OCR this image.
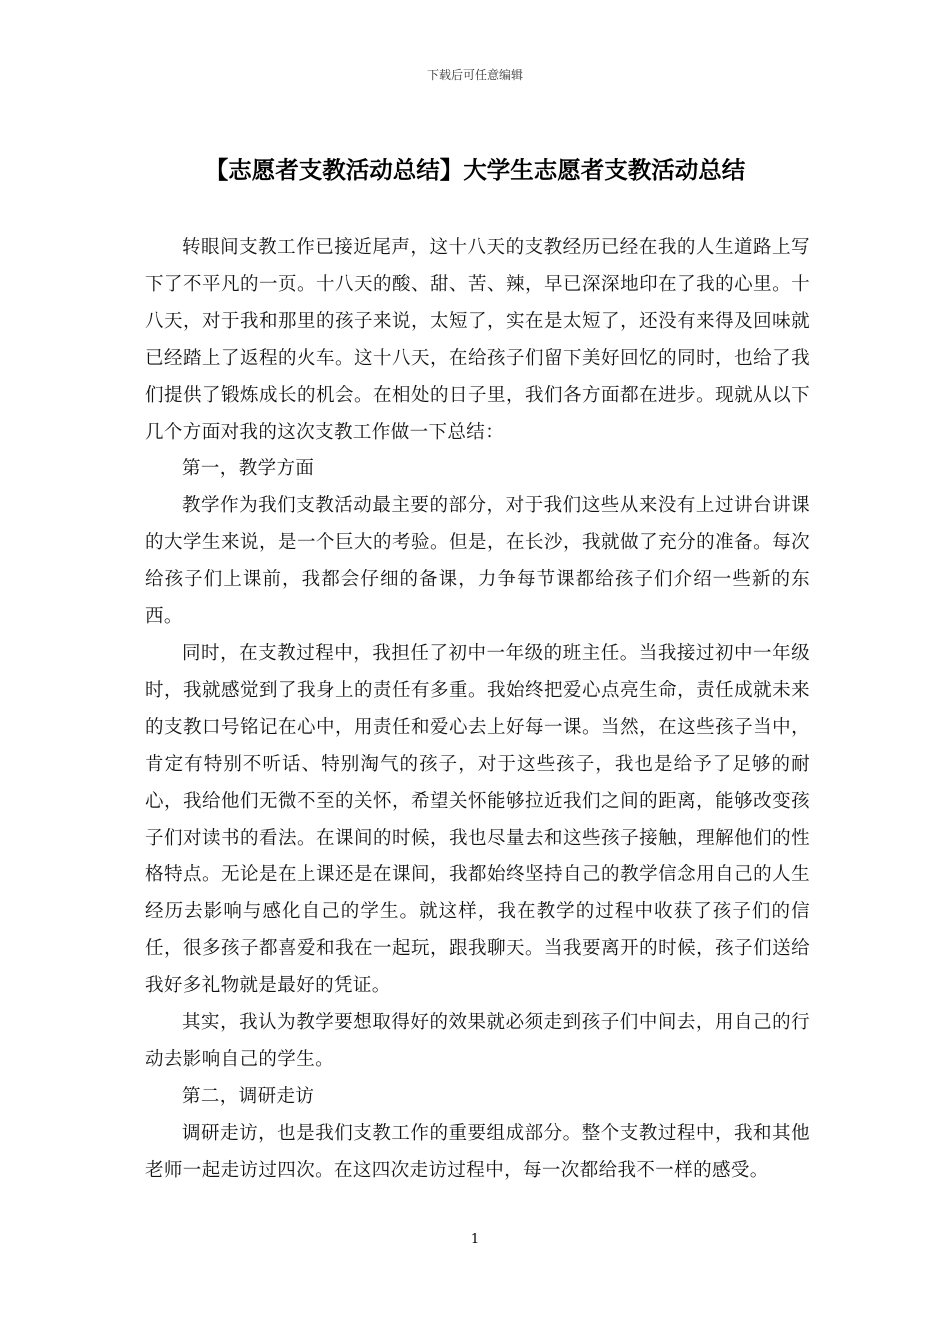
下载后可任意编辑
【志愿者支教活动总结】大学生志愿者支教活动总结

转眼间支教工作已接近尾声，这十八天的支教经历已经在我的人生道路上写下了不平凡的一页。十八天的酸、甜、苦、辣，早已深深地印在了我的心里。十八天，对于我和那里的孩子来说，太短了，实在是太短了，还没有来得及回味就已经踏上了返程的火车。这十八天，在给孩子们留下美好回忆的同时，也给了我们提供了锻炼成长的机会。在相处的日子里，我们各方面都在进步。现就从以下几个方面对我的这次支教工作做一下总结：

第一，教学方面

教学作为我们支教活动最主要的部分，对于我们这些从来没有上过讲台讲课的大学生来说，是一个巨大的考验。但是，在长沙，我就做了充分的准备。每次给孩子们上课前，我都会仔细的备课，力争每节课都给孩子们介绍一些新的东西。

同时，在支教过程中，我担任了初中一年级的班主任。当我接过初中一年级时，我就感觉到了我身上的责任有多重。我始终把爱心点亮生命，责任成就未来的支教口号铭记在心中，用责任和爱心去上好每一课。当然，在这些孩子当中，肯定有特别不听话、特别淘气的孩子，对于这些孩子，我也是给予了足够的耐心，我给他们无微不至的关怀，希望关怀能够拉近我们之间的距离，能够改变孩子们对读书的看法。在课间的时候，我也尽量去和这些孩子接触，理解他们的性格特点。无论是在上课还是在课间，我都始终坚持自己的教学信念用自己的人生经历去影响与感化自己的学生。就这样，我在教学的过程中收获了孩子们的信任，很多孩子都喜爱和我在一起玩，跟我聊天。当我要离开的时候，孩子们送给我好多礼物就是最好的凭证。

其实，我认为教学要想取得好的效果就必须走到孩子们中间去，用自己的行动去影响自己的学生。

第二，调研走访

调研走访，也是我们支教工作的重要组成部分。整个支教过程中，我和其他老师一起走访过四次。在这四次走访过程中，每一次都给我不一样的感受。

1
